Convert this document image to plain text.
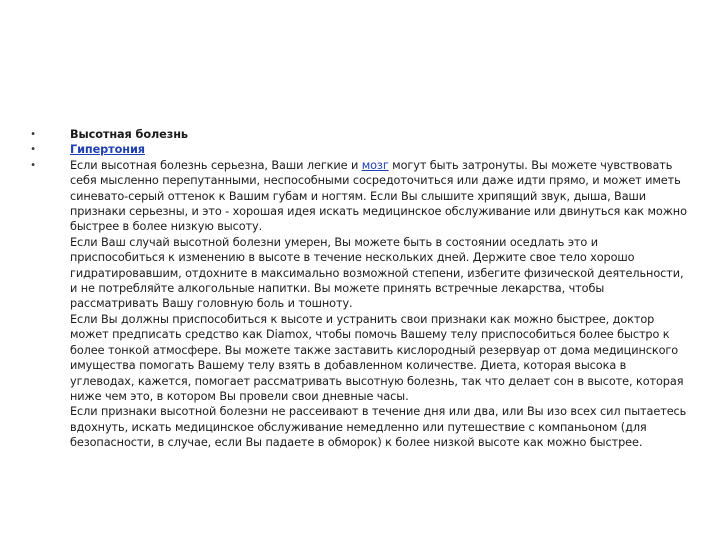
•	Высотная болезнь
•	Гипертония
•	Если высотная болезнь серьезна, Ваши легкие и мозг могут быть затронуты. Вы можете чувствовать себя мысленно перепутанными, неспособными сосредоточиться или даже идти прямо, и может иметь синевато-серый оттенок к Вашим губам и ногтям. Если Вы слышите хрипящий звук, дыша, Ваши признаки серьезны, и это - хорошая идея искать медицинское обслуживание или двинуться как можно быстрее в более низкую высоту.
Если Ваш случай высотной болезни умерен, Вы можете быть в состоянии оседлать это и приспособиться к изменению в высоте в течение нескольких дней. Держите свое тело хорошо гидратировавшим, отдохните в максимально возможной степени, избегите физической деятельности, и не потребляйте алкогольные напитки. Вы можете принять встречные лекарства, чтобы рассматривать Вашу головную боль и тошноту.
Если Вы должны приспособиться к высоте и устранить свои признаки как можно быстрее, доктор может предписать средство как Diamox, чтобы помочь Вашему телу приспособиться более быстро к более тонкой атмосфере. Вы можете также заставить кислородный резервуар от дома медицинского имущества помогать Вашему телу взять в добавленном количестве. Диета, которая высока в углеводах, кажется, помогает рассматривать высотную болезнь, так что делает сон в высоте, которая ниже чем это, в котором Вы провели свои дневные часы.
Если признаки высотной болезни не рассеивают в течение дня или два, или Вы изо всех сил пытаетесь вдохнуть, искать медицинское обслуживание немедленно или путешествие с компаньоном (для безопасности, в случае, если Вы падаете в обморок) к более низкой высоте как можно быстрее.
